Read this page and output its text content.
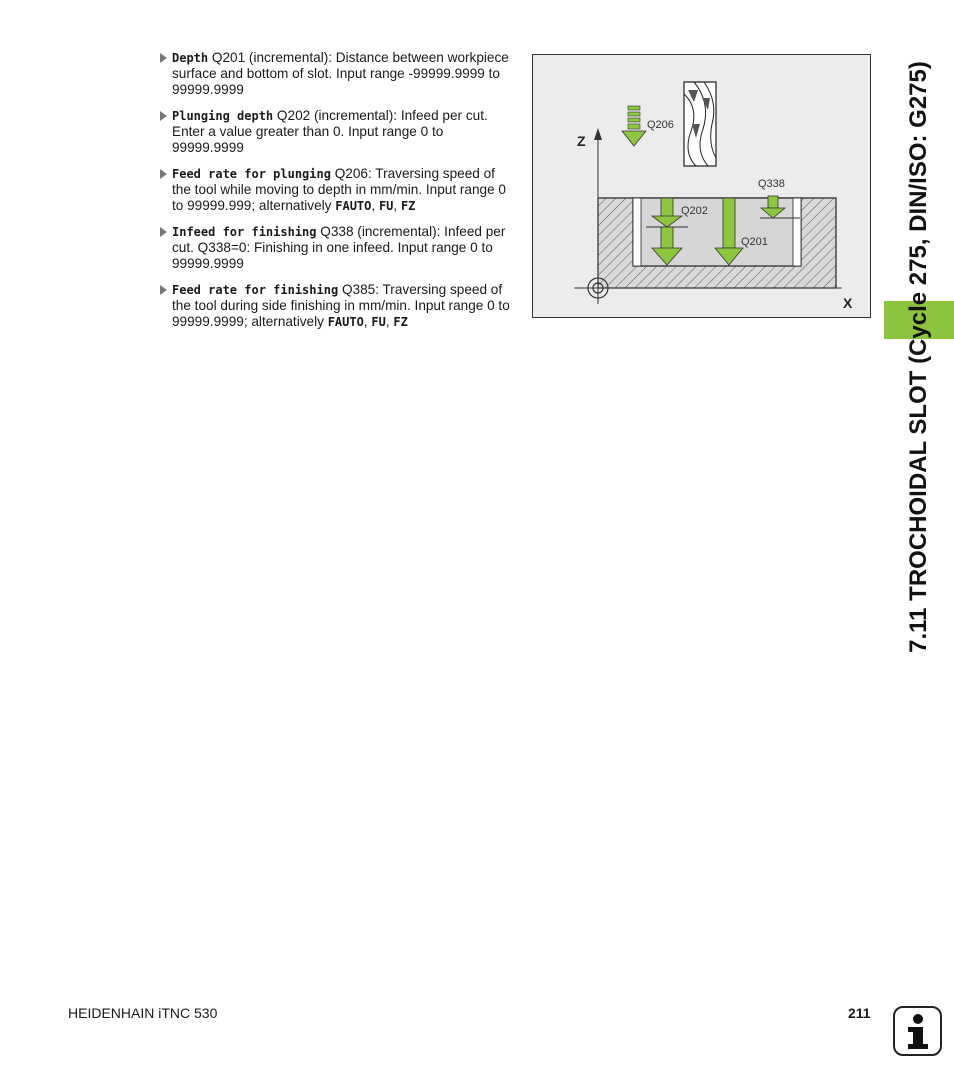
Depth Q201 (incremental): Distance between workpiece surface and bottom of slot. Input range -99999.9999 to 99999.9999
Plunging depth Q202 (incremental): Infeed per cut. Enter a value greater than 0. Input range 0 to 99999.9999
Feed rate for plunging Q206: Traversing speed of the tool while moving to depth in mm/min. Input range 0 to 99999.999; alternatively FAUTO, FU, FZ
Infeed for finishing Q338 (incremental): Infeed per cut. Q338=0: Finishing in one infeed. Input range 0 to 99999.9999
Feed rate for finishing Q385: Traversing speed of the tool during side finishing in mm/min. Input range 0 to 99999.9999; alternatively FAUTO, FU, FZ
Z
X
Q206
Q338
Q202
Q201	7.11 TROCHOIDAL SLOT (Cycle 275, DIN/ISO: G275)
HEIDENHAIN iTNC 530	211
